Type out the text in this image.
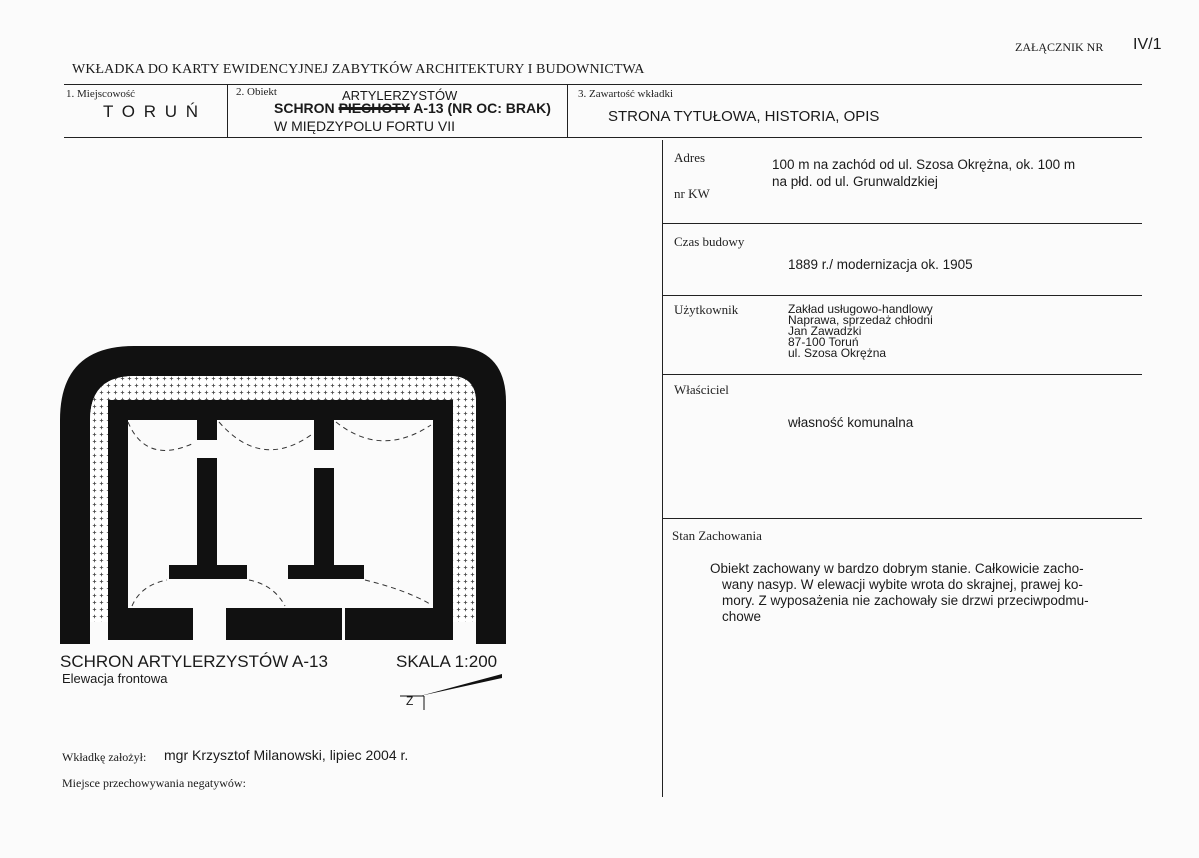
ZAŁĄCZNIK NR IV/1
WKŁADKA DO KARTY EWIDENCYJNEJ ZABYTKÓW ARCHITEKTURY I BUDOWNICTWA
1. Miejscowość
T O R U Ń
2. Obiekt	ARTYLERZYSTÓW
SCHRON PIECHOTY A-13 (NR OC: BRAK)
W MIĘDZYPOLU FORTU VII
3. Zawartość wkładki
STRONA TYTUŁOWA, HISTORIA, OPIS
Adres	100 m na zachód od ul. Szosa Okrężna, ok. 100 m
na płd. od ul. Grunwaldzkiej
nr KW
Czas budowy
1889 r./ modernizacja ok. 1905
Użytkownik	Zakład usługowo-handlowy
Naprawa, sprzedaż chłodni
Jan Zawadzki
87-100 Toruń
ul. Szosa Okrężna
Właściciel
własność komunalna
Stan Zachowania
Obiekt zachowany w bardzo dobrym stanie. Całkowicie zacho-
wany nasyp. W elewacji wybite wrota do skrajnej, prawej ko-
mory. Z wyposażenia nie zachowały sie drzwi przeciwpodmu-
chowe
SCHRON ARTYLERZYSTÓW A-13
Elewacja frontowa
SKALA 1:200
Z
Wkładkę założył: mgr Krzysztof Milanowski, lipiec 2004 r.
Miejsce przechowywania negatywów:
